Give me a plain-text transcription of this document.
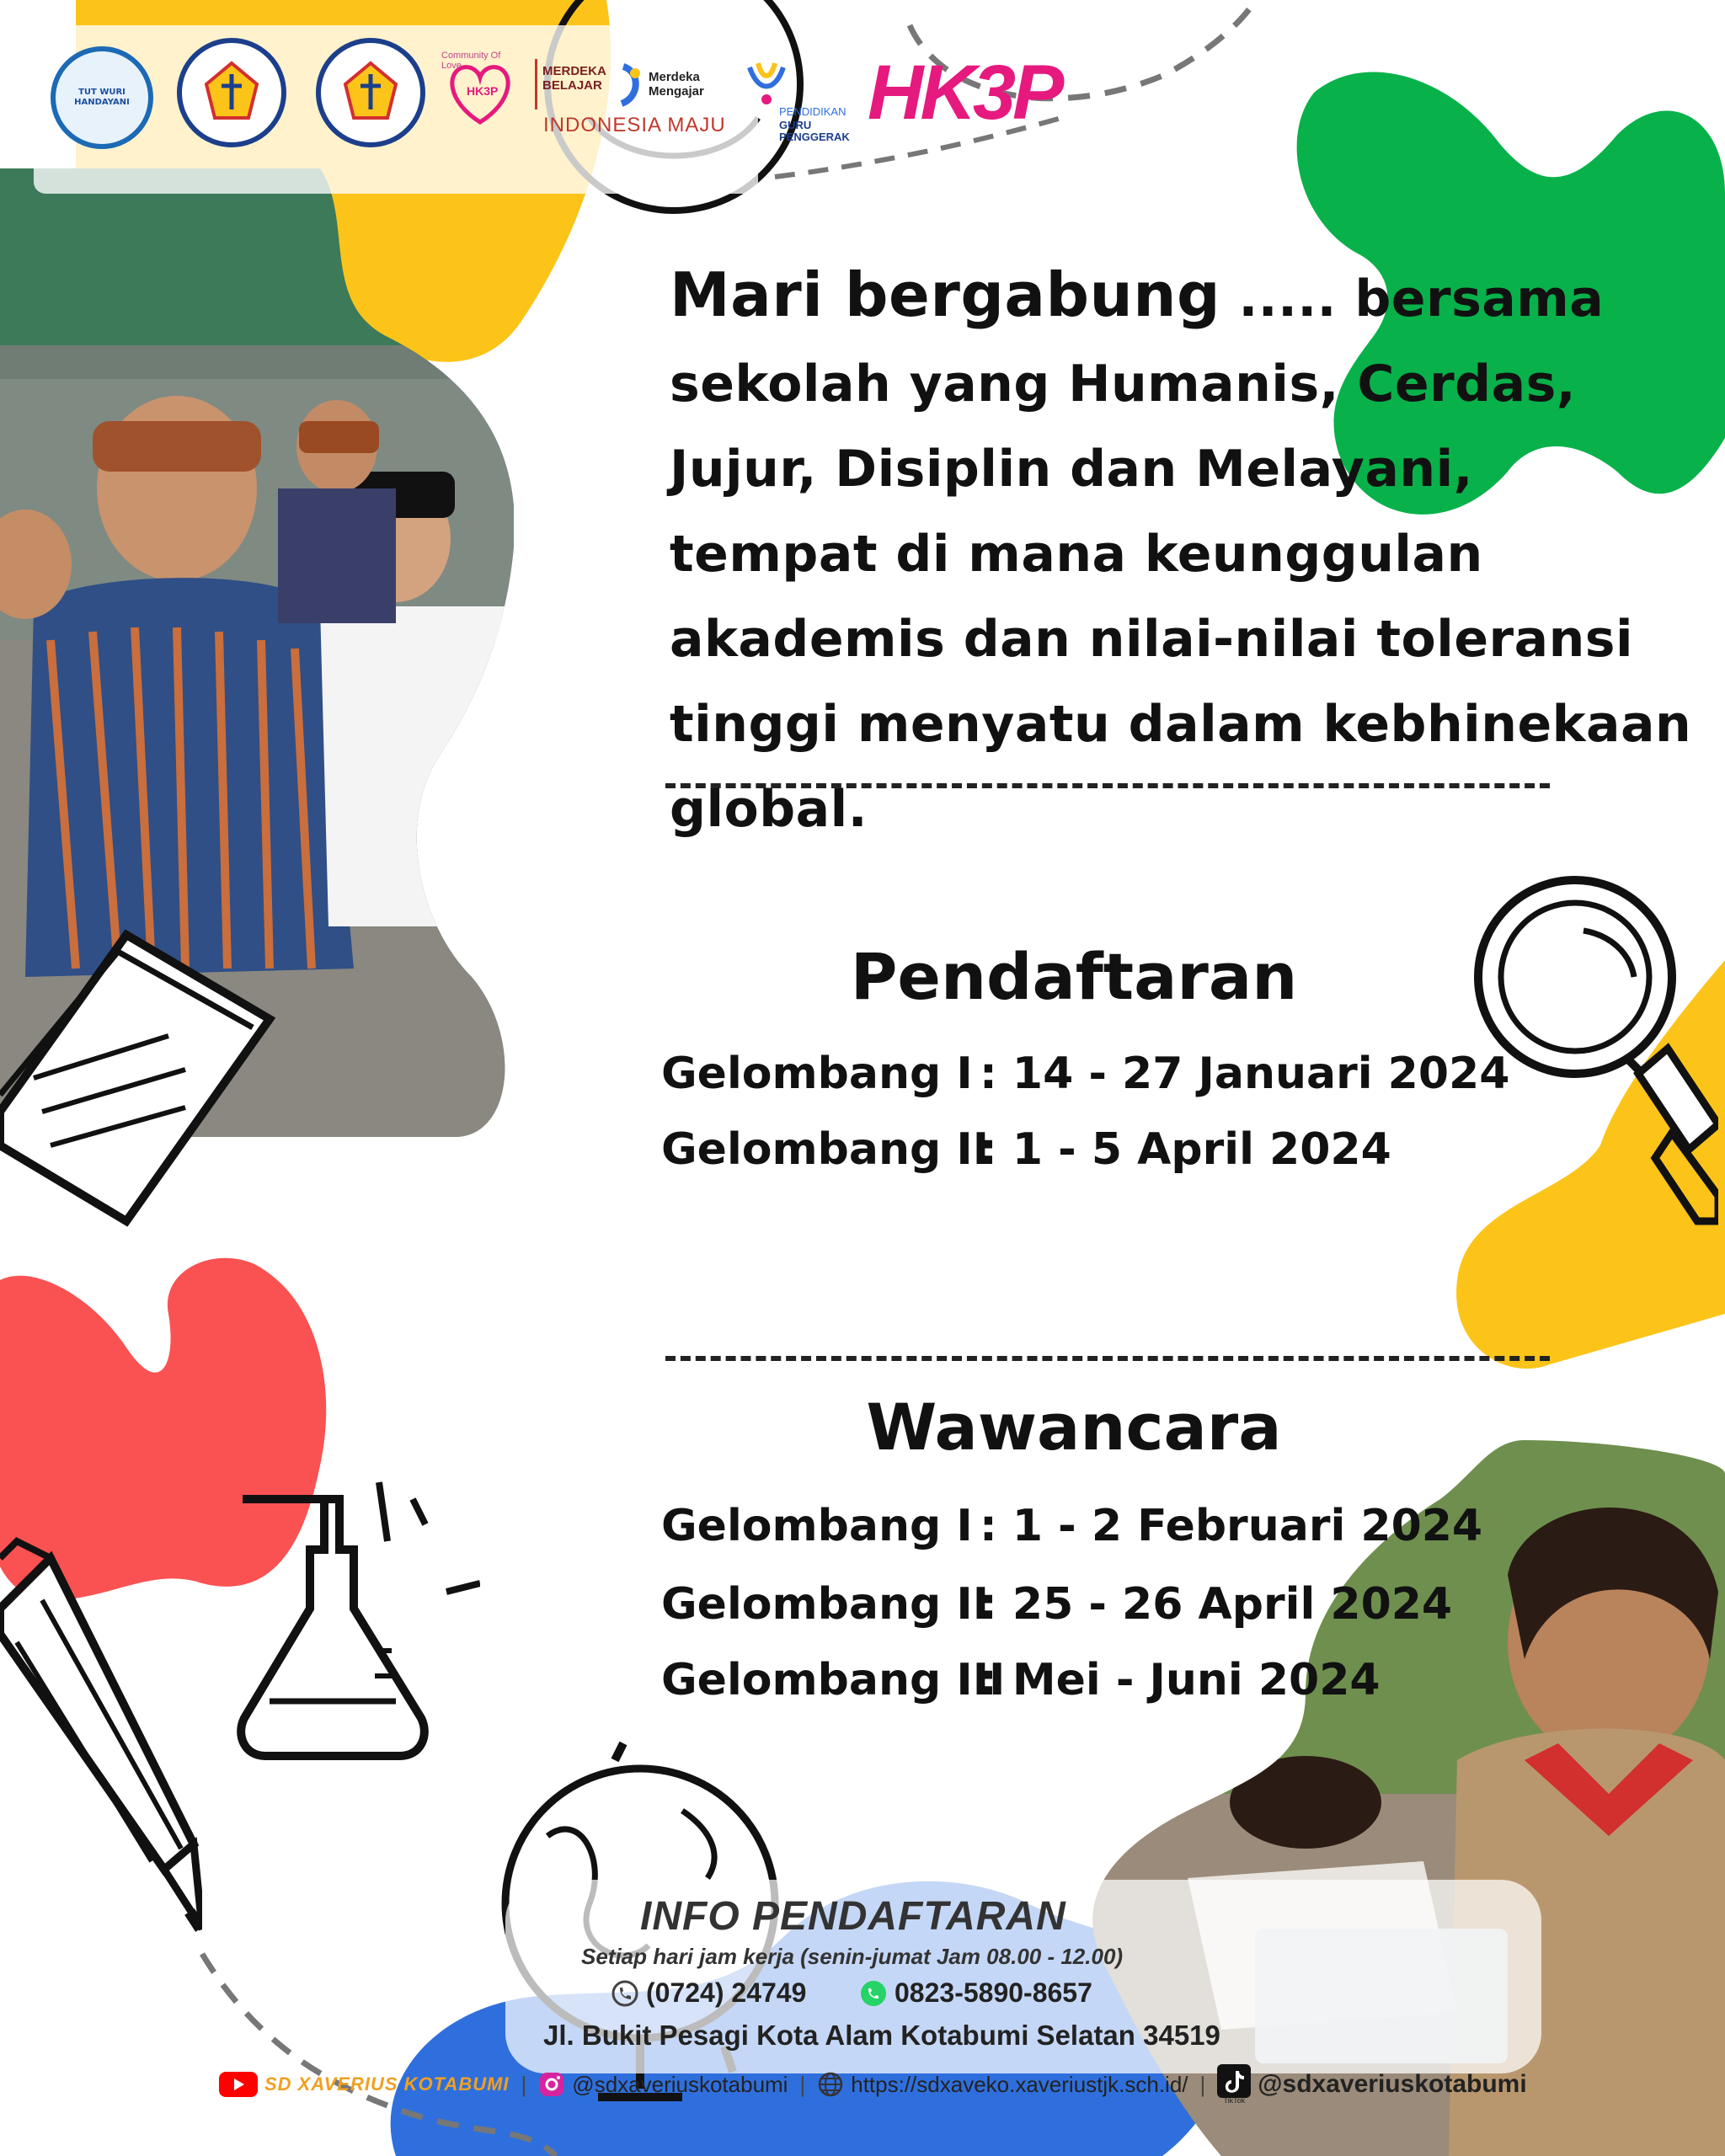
TUT WURI HANDAYANI
HK3P
Community Of Love	MERDEKA BELAJAR
Merdeka Mengajar
INDONESIA MAJU
PENDIDIKAN
GURU PENGGERAK
HK3P
Mari bergabung ..... bersama sekolah yang Humanis, Cerdas, Jujur, Disiplin dan Melayani, tempat di mana keunggulan akademis dan nilai-nilai toleransi tinggi menyatu dalam kebhinekaan global.
Pendaftaran
Gelombang I : 14 - 27 Januari 2024
Gelombang II
: 1 - 5 April 2024
Wawancara
Gelombang I : 1 - 2 Februari 2024
Gelombang II
: 25 - 26 April 2024
Gelombang III
: Mei - Juni 2024
INFO PENDAFTARAN
Setiap hari jam kerja (senin-jumat Jam 08.00 - 12.00)
(0724) 24749	0823-5890-8657
Jl. Bukit Pesagi Kota Alam Kotabumi Selatan 34519
SD XAVERIUS KOTABUMI | @sdxaveriuskotabumi | https://sdxaveko.xaveriustjk.sch.id/ |
TikTok
@sdxaveriuskotabumi
